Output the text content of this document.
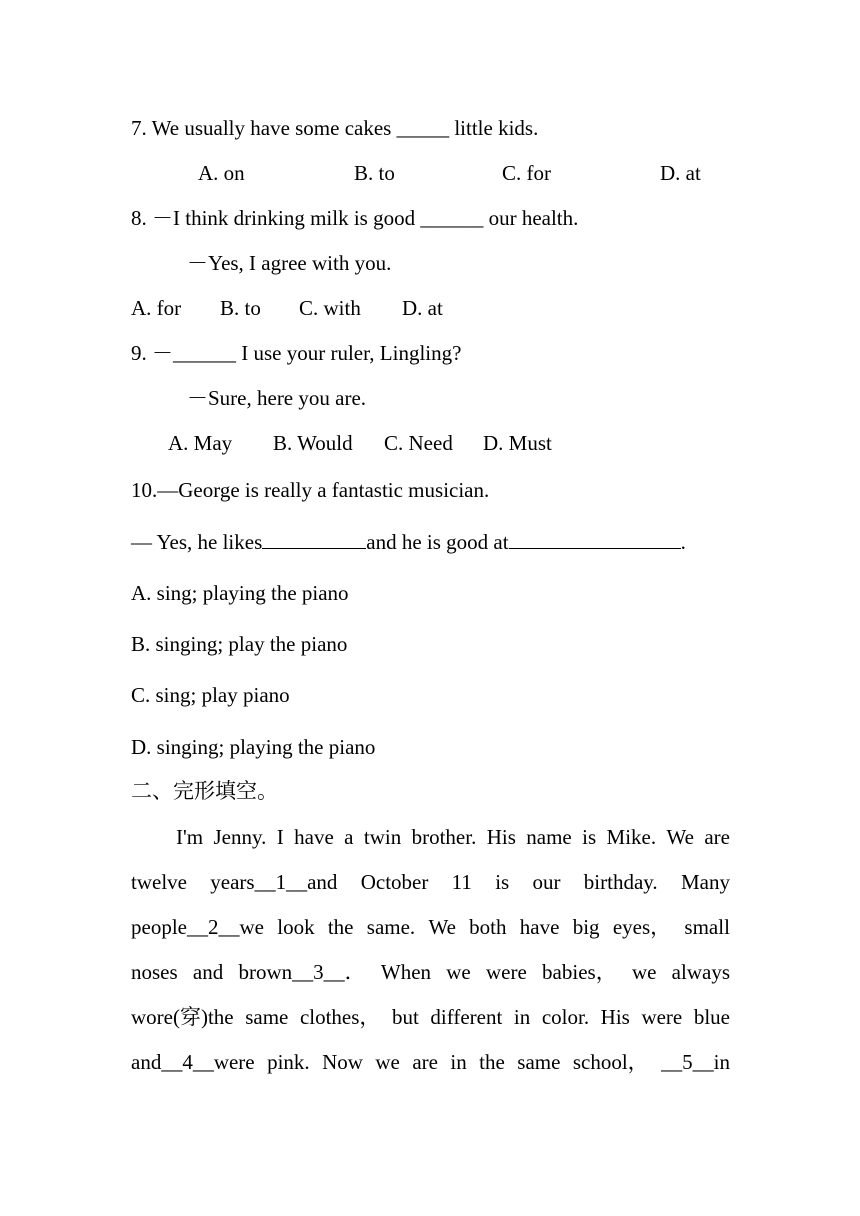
7. We usually have some cakes _____ little kids.
A. on	B. to	C. for	D. at
8. －I think drinking milk is good ______ our health.
－Yes, I agree with you.
A. for B. to C. with D. at
9. －______ I use your ruler, Lingling?
－Sure, here you are.
A. May B. Would C. Need D. Must
10.—George is really a fantastic musician.
— Yes, he likes	and he is good at	.
A. sing; playing the piano
B. singing; play the piano
C. sing; play piano
D. singing; playing the piano
二、完形填空。
I'm Jenny. I have a twin brother. His name is Mike. We are
twelve years__1__and October 11 is our birthday. Many
people__2__we look the same. We both have big eyes， small
noses and brown__3__． When we were babies， we always
wore(穿)the same clothes， but different in color. His were blue
and__4__were pink. Now we are in the same school， __5__in
